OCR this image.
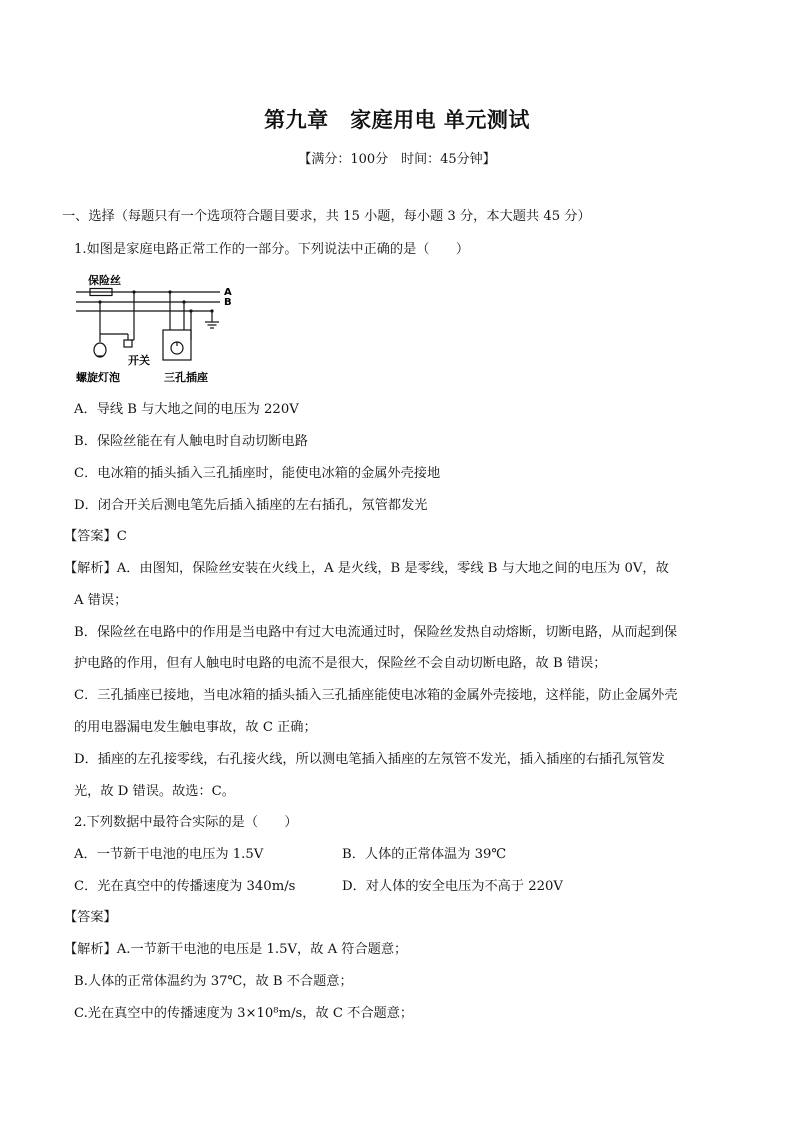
第九章　家庭用电 单元测试
【满分：100分　时间：45分钟】
一、选择（每题只有一个选项符合题目要求，共 15 小题，每小题 3 分，本大题共 45 分）
1.如图是家庭电路正常工作的一部分。下列说法中正确的是（　　）
保险丝
A
B
开关
螺旋灯泡	三孔插座
A．导线 B 与大地之间的电压为 220V
B．保险丝能在有人触电时自动切断电路
C．电冰箱的插头插入三孔插座时，能使电冰箱的金属外壳接地
D．闭合开关后测电笔先后插入插座的左右插孔，氖管都发光
【答案】C
【解析】A．由图知，保险丝安装在火线上，A 是火线，B 是零线，零线 B 与大地之间的电压为 0V，故
A 错误；
B．保险丝在电路中的作用是当电路中有过大电流通过时，保险丝发热自动熔断，切断电路，从而起到保
护电路的作用，但有人触电时电路的电流不是很大，保险丝不会自动切断电路，故 B 错误；
C．三孔插座已接地，当电冰箱的插头插入三孔插座能使电冰箱的金属外壳接地，这样能，防止金属外壳
的用电器漏电发生触电事故，故 C 正确；
D．插座的左孔接零线，右孔接火线，所以测电笔插入插座的左氖管不发光，插入插座的右插孔氖管发
光，故 D 错误。故选：C。
2.下列数据中最符合实际的是（　　）
A．一节新干电池的电压为 1.5V	B．人体的正常体温为 39℃
C．光在真空中的传播速度为 340m/s	D．对人体的安全电压为不高于 220V
【答案】
【解析】A.一节新干电池的电压是 1.5V，故 A 符合题意；
B.人体的正常体温约为 37℃，故 B 不合题意；
C.光在真空中的传播速度为 3×10⁸m/s，故 C 不合题意；
